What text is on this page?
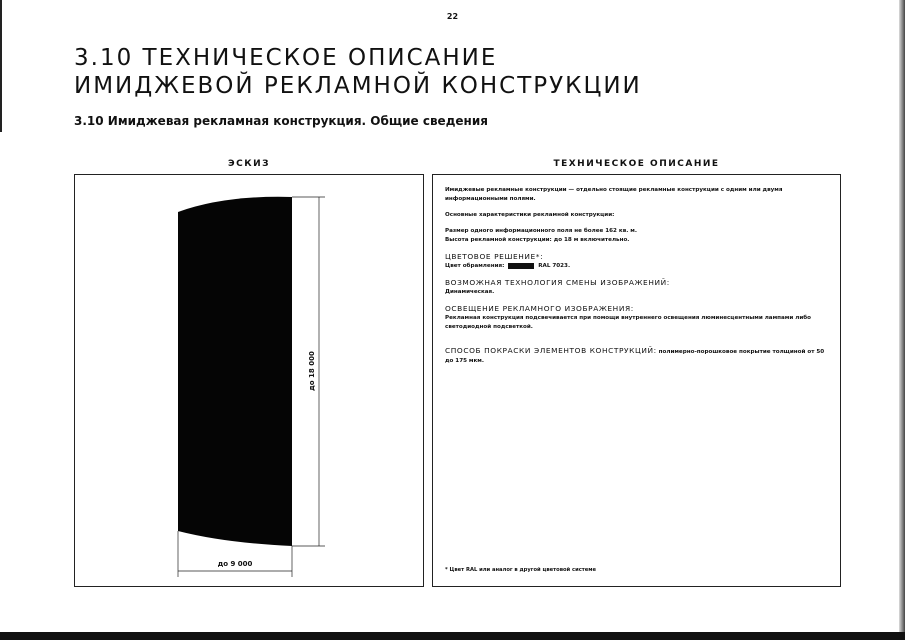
22
3.10 ТЕХНИЧЕСКОЕ ОПИСАНИЕ
ИМИДЖЕВОЙ РЕКЛАМНОЙ КОНСТРУКЦИИ
3.10 Имиджевая рекламная конструкция. Общие сведения
ЭСКИЗ	ТЕХНИЧЕСКОЕ ОПИСАНИЕ
до 18 000
до 9 000

Имиджевые рекламные конструкции — отдельно стоящие рекламные конструкции с одним или двумя информационными полями.

Основные характеристики рекламной конструкции:

Размер одного информационного поля не более 162 кв. м.
Высота рекламной конструкции: до 18 м включительно.

ЦВЕТОВОЕ РЕШЕНИЕ*:
Цвет обрамления:	RAL 7023.

ВОЗМОЖНАЯ ТЕХНОЛОГИЯ СМЕНЫ ИЗОБРАЖЕНИЙ:
Динамическая.

ОСВЕЩЕНИЕ РЕКЛАМНОГО ИЗОБРАЖЕНИЯ:
Рекламная конструкция подсвечивается при помощи внутреннего освещения люминесцентными лампами либо светодиодной подсветкой.

СПОСОБ ПОКРАСКИ ЭЛЕМЕНТОВ КОНСТРУКЦИЙ: полимерно-порошковое покрытие толщиной от 50 до 175 мкм.

* Цвет RAL или аналог в другой цветовой системе
